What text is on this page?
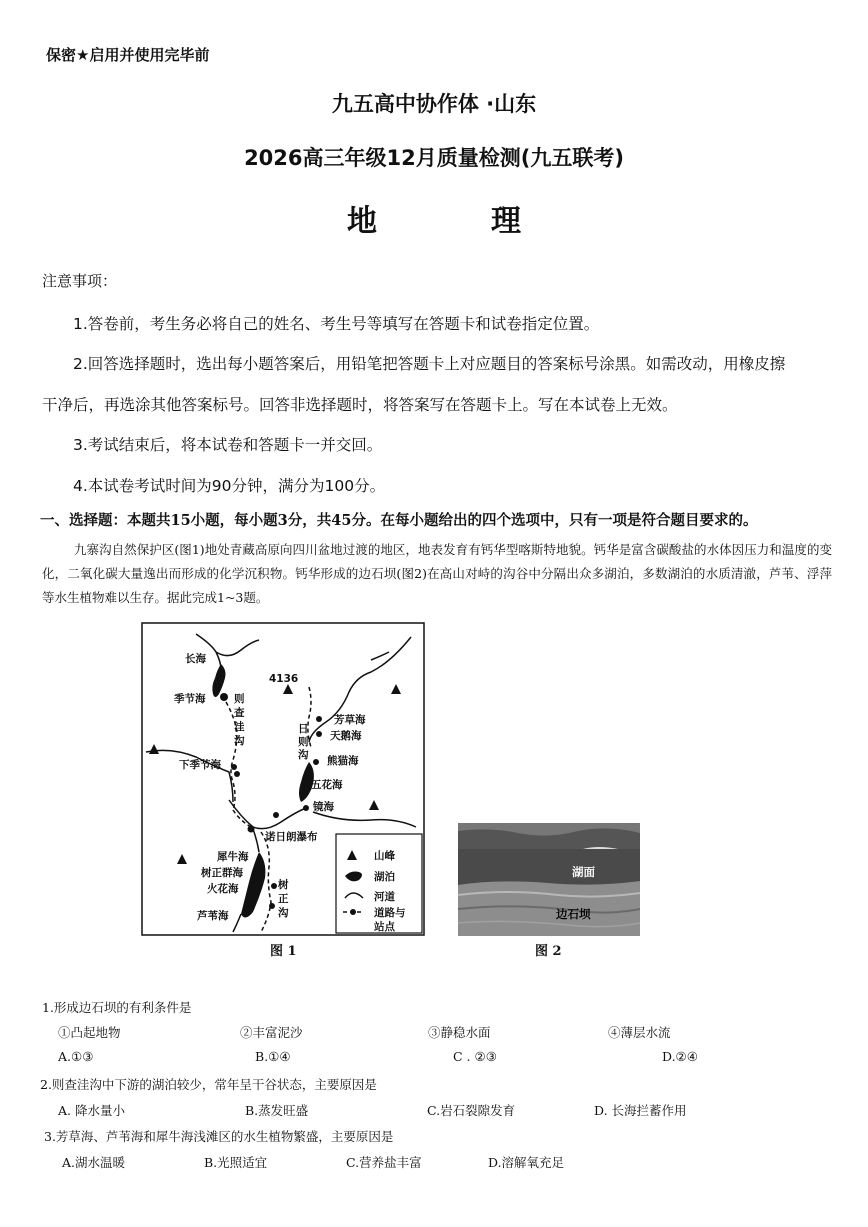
保密★启用并使用完毕前
九五高中协作体 ·山东
2026高三年级12月质量检测(九五联考)
地　理
注意事项：
1.答卷前，考生务必将自己的姓名、考生号等填写在答题卡和试卷指定位置。
2.回答选择题时，选出每小题答案后，用铅笔把答题卡上对应题目的答案标号涂黑。如需改动，用橡皮擦
干净后，再选涂其他答案标号。回答非选择题时，将答案写在答题卡上。写在本试卷上无效。
3.考试结束后，将本试卷和答题卡一并交回。
4.本试卷考试时间为90分钟，满分为100分。
一、选择题：本题共15小题，每小题3分，共45分。在每小题给出的四个选项中，只有一项是符合题目要求的。
九寨沟自然保护区(图1)地处青藏高原向四川盆地过渡的地区，地表发育有钙华型喀斯特地貌。钙华是富含碳酸盐的水体因压力和温度的变化，二氧化碳大量逸出而形成的化学沉积物。钙华形成的边石坝(图2)在高山对峙的沟谷中分隔出众多湖泊，多数湖泊的水质清澈，芦苇、浮萍等水生植物难以生存。据此完成1~3题。
长海
季节海	则
查
洼
沟
下季节海
4136
日
则
沟
芳草海
天鹅海
熊猫海
五花海
镜海
诺日朗瀑布
犀牛海
树正群海
火花海
芦苇海
树
正
沟
山峰
湖泊
河道
道路与
站点
图 1
湖面
边石坝
图 2
1.形成边石坝的有利条件是
①凸起地物	②丰富泥沙	③静稳水面	④薄层水流
A.①③	B.①④	C . ②③	D.②④
2.则查洼沟中下游的湖泊较少，常年呈干谷状态，主要原因是
A. 降水量小	B.蒸发旺盛	C.岩石裂隙发育	D. 长海拦蓄作用
3.芳草海、芦苇海和犀牛海浅滩区的水生植物繁盛，主要原因是
A.湖水温暖	B.光照适宜	C.营养盐丰富	D.溶解氧充足
